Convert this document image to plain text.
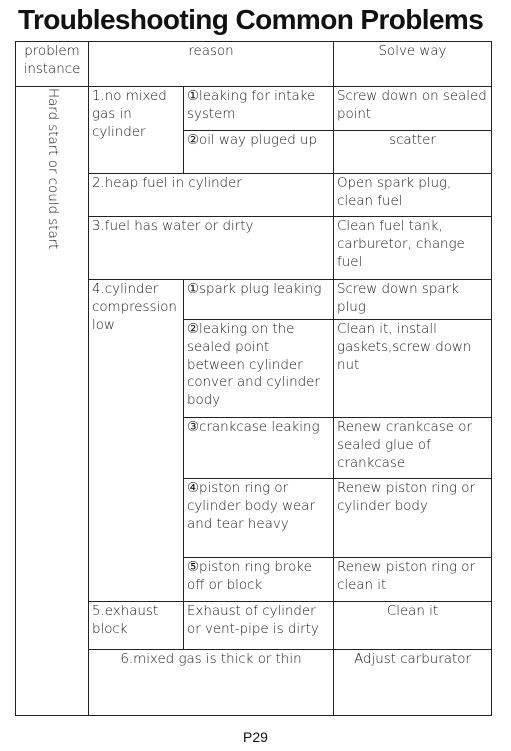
Troubleshooting Common Problems
problem instance	reason		Solve way

Hard start or could start	1.no mixed gas in cylinder	①leaking for intake system	Screw down on sealed point
		②oil way pluged up	scatter
	2.heap fuel in cylinder		Open spark plug, clean fuel
	3.fuel has water or dirty		Clean fuel tank, carburetor, change fuel
	4.cylinder compression low	①spark plug leaking	Screw down spark plug
		②leaking on the sealed point between cylinder conver and cylinder body	Clean it, install gaskets,screw down nut
		③crankcase leaking	Renew crankcase or sealed glue of crankcase
		④piston ring or cylinder body wear and tear heavy	Renew piston ring or cylinder body
		⑤piston ring broke off or block	Renew piston ring or clean it
	5.exhaust block	Exhaust of cylinder or vent-pipe is dirty	Clean it
	6.mixed gas is thick or thin		Adjust carburator
P29
